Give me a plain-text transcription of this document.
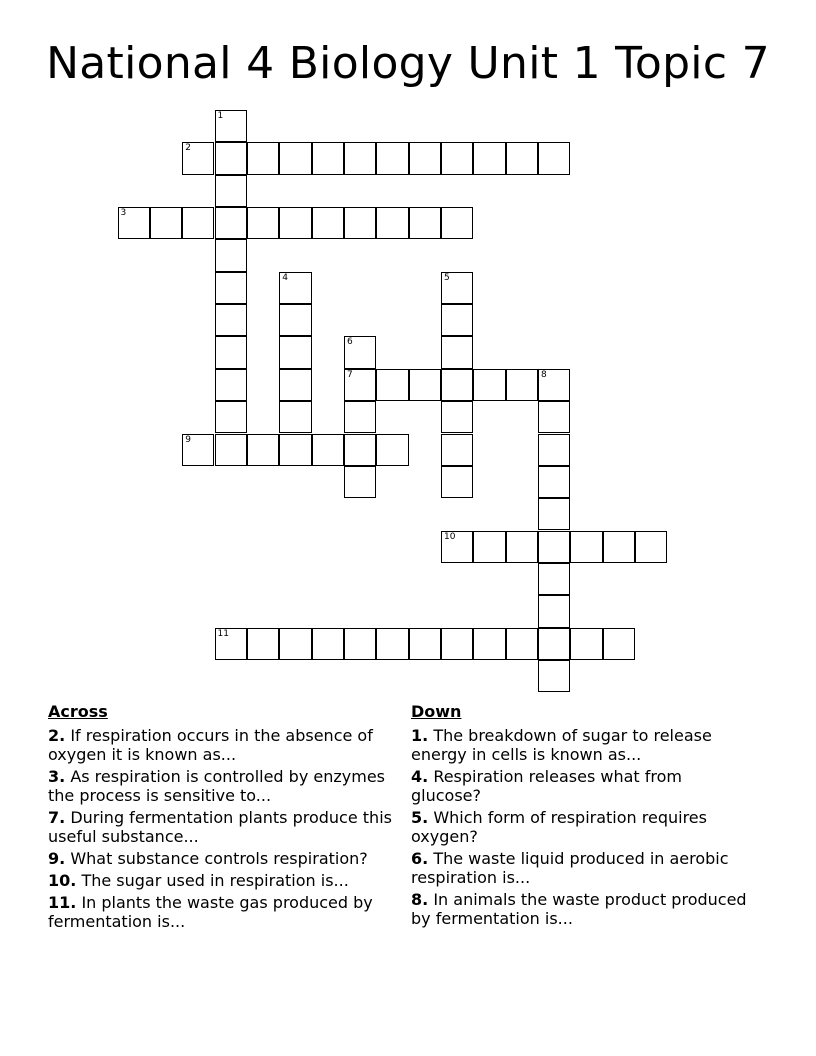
National 4 Biology Unit 1 Topic 7
1
2
3
4	5
6
7	8
9
10
11
Across
2. If respiration occurs in the absence of oxygen it is known as...
3. As respiration is controlled by enzymes the process is sensitive to...
7. During fermentation plants produce this useful substance...
9. What substance controls respiration?
10. The sugar used in respiration is...
11. In plants the waste gas produced by fermentation is...
Down
1. The breakdown of sugar to release energy in cells is known as...
4. Respiration releases what from glucose?
5. Which form of respiration requires oxygen?
6. The waste liquid produced in aerobic respiration is...
8. In animals the waste product produced by fermentation is...
